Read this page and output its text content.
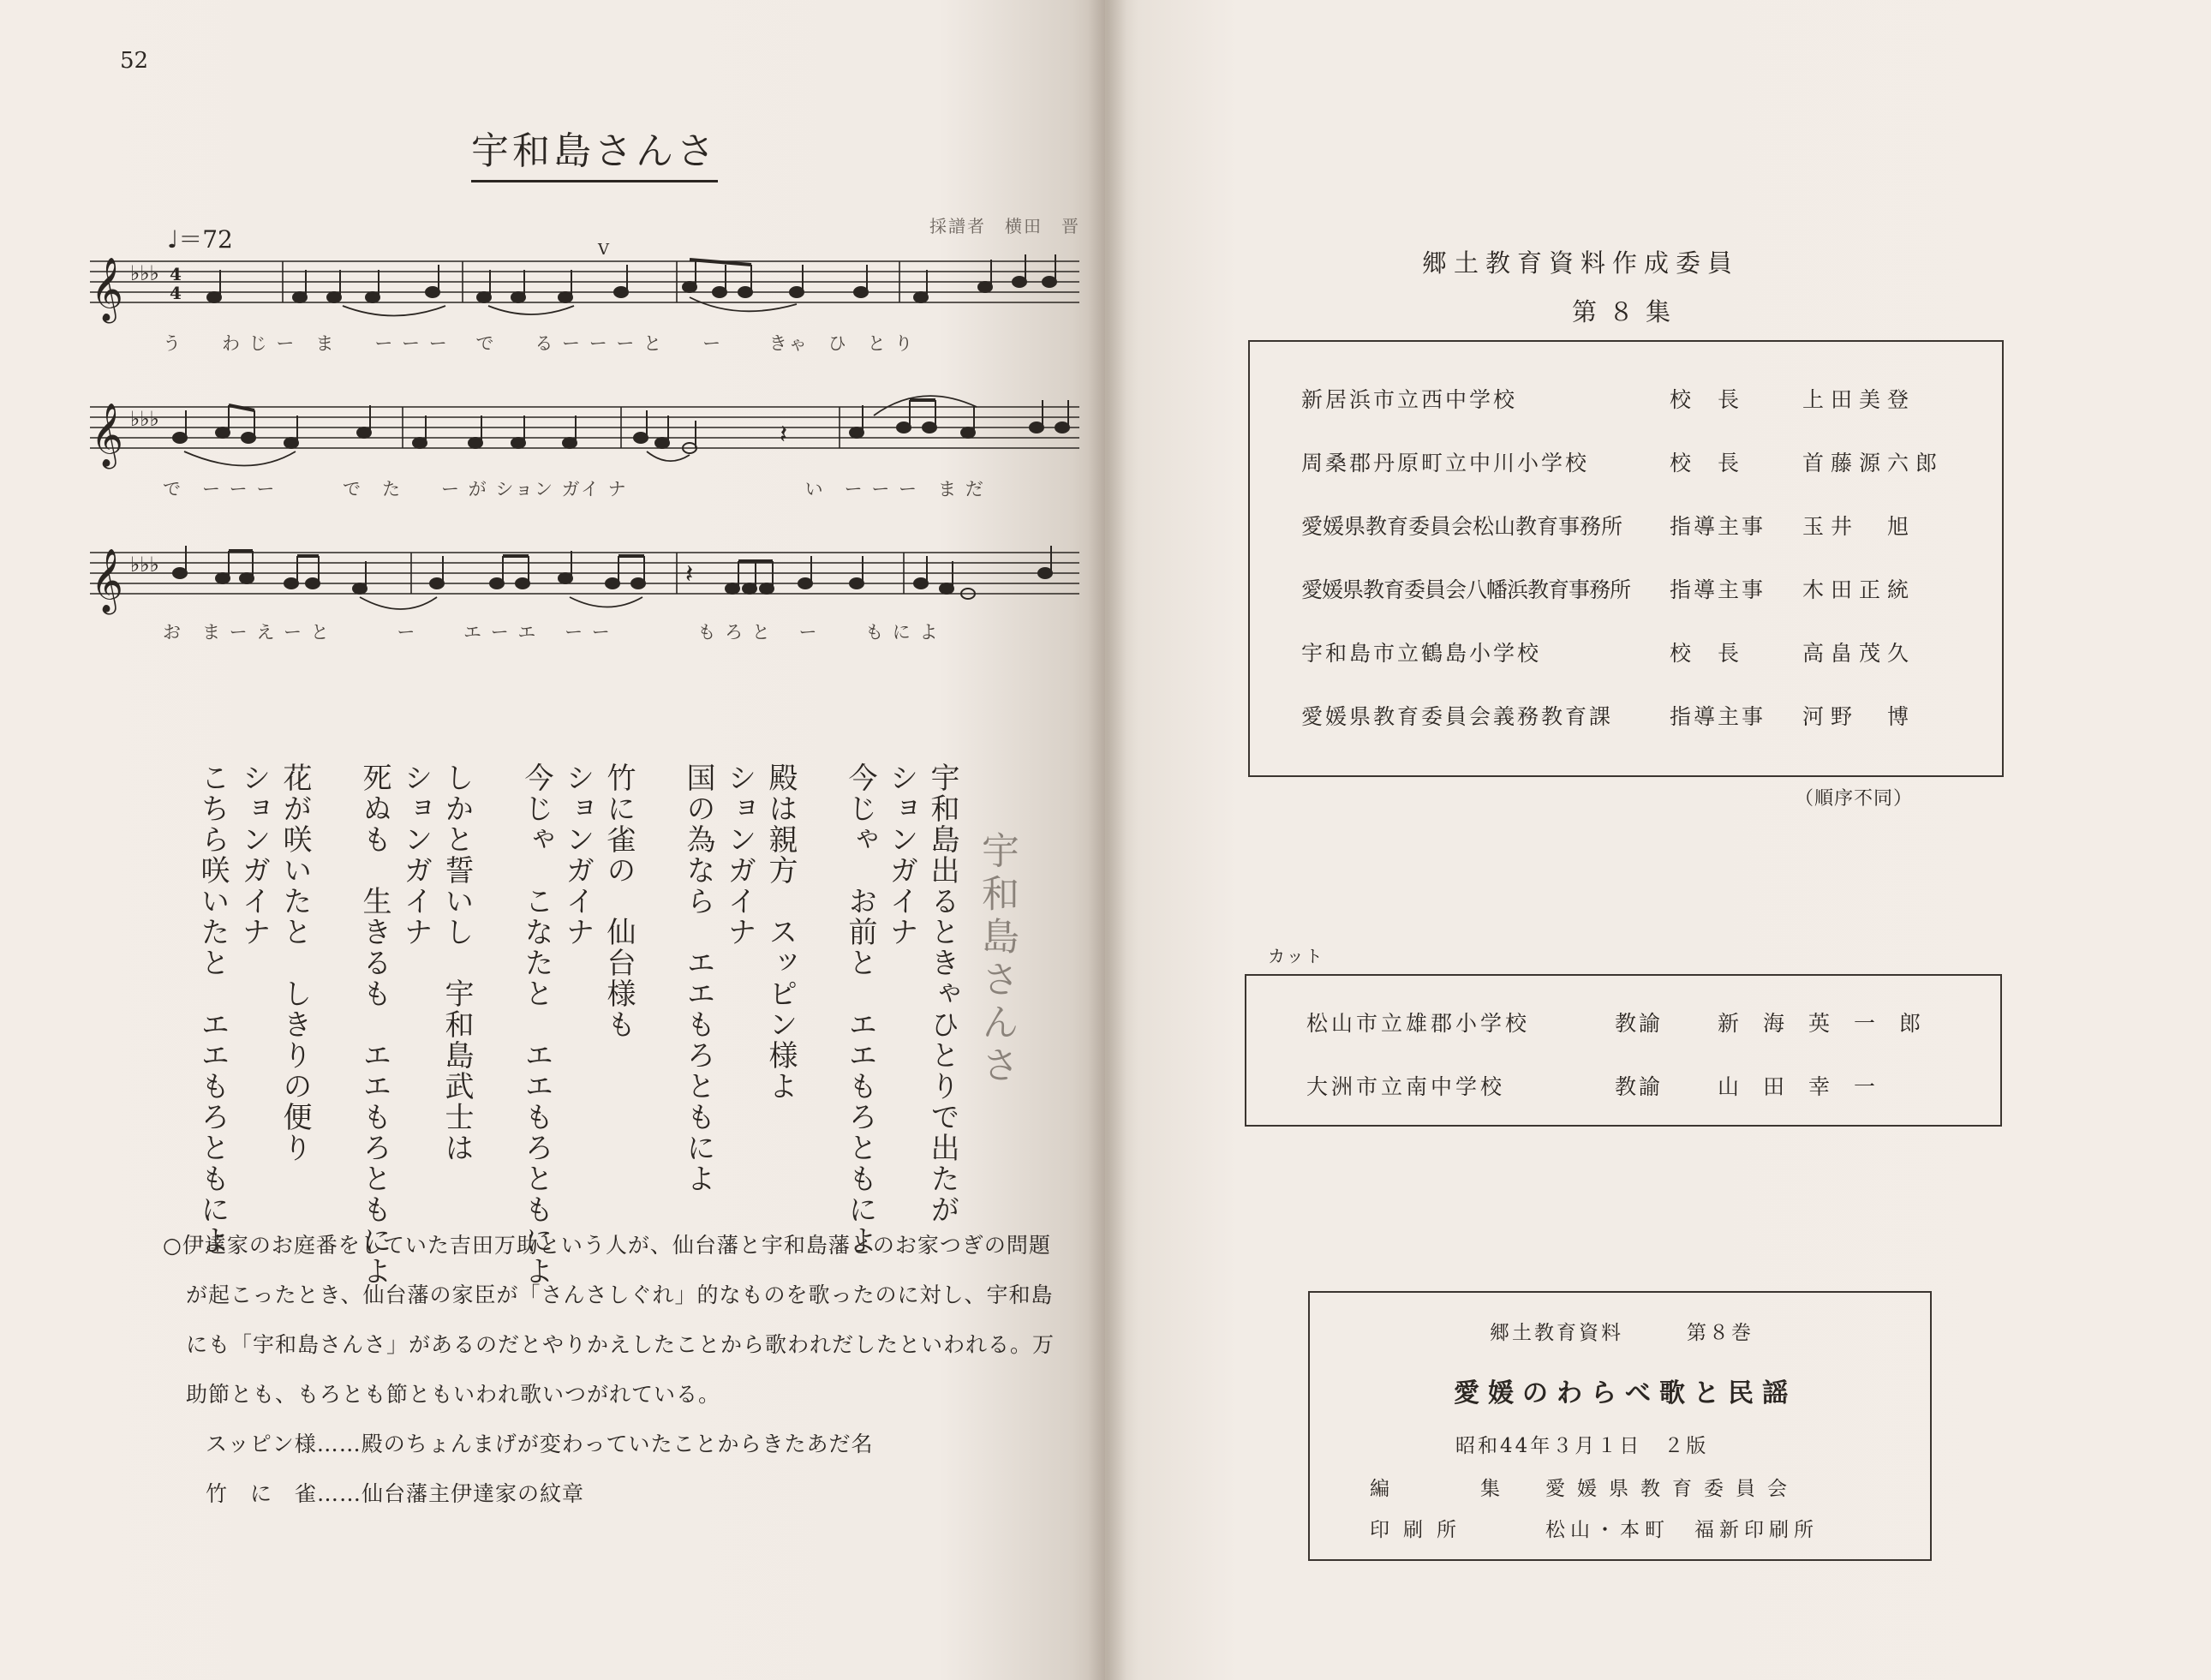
52
宇和島さんさ
採譜者　横田　晋
♩＝72
𝄞 ♭♭♭ 4
4
V
う　　わ じ ー　ま　　ー ー ー　 で　　る ー ー ー と　　ー　　 きゃ　ひ　と り
𝄞 ♭♭♭
𝄽
で　ー ー ー　　　 で　た　　ー が ション ガイ ナ　　　　　　　　　い　ー ー ー　ま だ
𝄞 ♭♭♭	𝄽
お　ま ー え ー と　　　 ー　　 エ ー エ　 ー ー　　　　 も ろ と　 ー　　 も に よ
宇和島さんさ
宇和島出るときゃひとりで出たが
ションガイナ
今じゃ　お前と　エエもろともによ
殿は親方　スッピン様よ
ションガイナ
国の為なら　エエもろともによ
竹に雀の　仙台様も
ションガイナ
今じゃ　こなたと　エエもろともによ
しかと誓いし　宇和島武士は
ションガイナ
死ぬも　生きるも　エエもろともによ
花が咲いたと　しきりの便り
ションガイナ
こちら咲いたと　エエもろともによ

○伊達家のお庭番をしていた吉田万助という人が、仙台藩と宇和島藩とのお家つぎの問題

が起こったとき、仙台藩の家臣が「さんさしぐれ」的なものを歌ったのに対し、宇和島

にも「宇和島さんさ」があるのだとやりかえしたことから歌われだしたといわれる。万

助節とも、もろとも節ともいわれ歌いつがれている。

スッピン様……殿のちょんまげが変わっていたことからきたあだ名

竹　に　雀……仙台藩主伊達家の紋章

郷土教育資料作成委員
第８集
新居浜市立西中学校	校　長	上田美登
周桑郡丹原町立中川小学校	校　長	首藤源六郎
愛媛県教育委員会松山教育事務所	指導主事	玉井　旭
愛媛県教育委員会八幡浜教育事務所	指導主事	木田正統
宇和島市立鶴島小学校	校　長	高畠茂久
愛媛県教育委員会義務教育課	指導主事	河野　博
（順序不同）
カット
松山市立雄郡小学校	教諭	新海英一郎
大洲市立南中学校	教諭	山田幸一
郷土教育資料	第８巻
愛媛のわらべ歌と民謡
昭和44年３月１日　２版
編　　集 愛媛県教育委員会
印刷所	松山・本町　福新印刷所
